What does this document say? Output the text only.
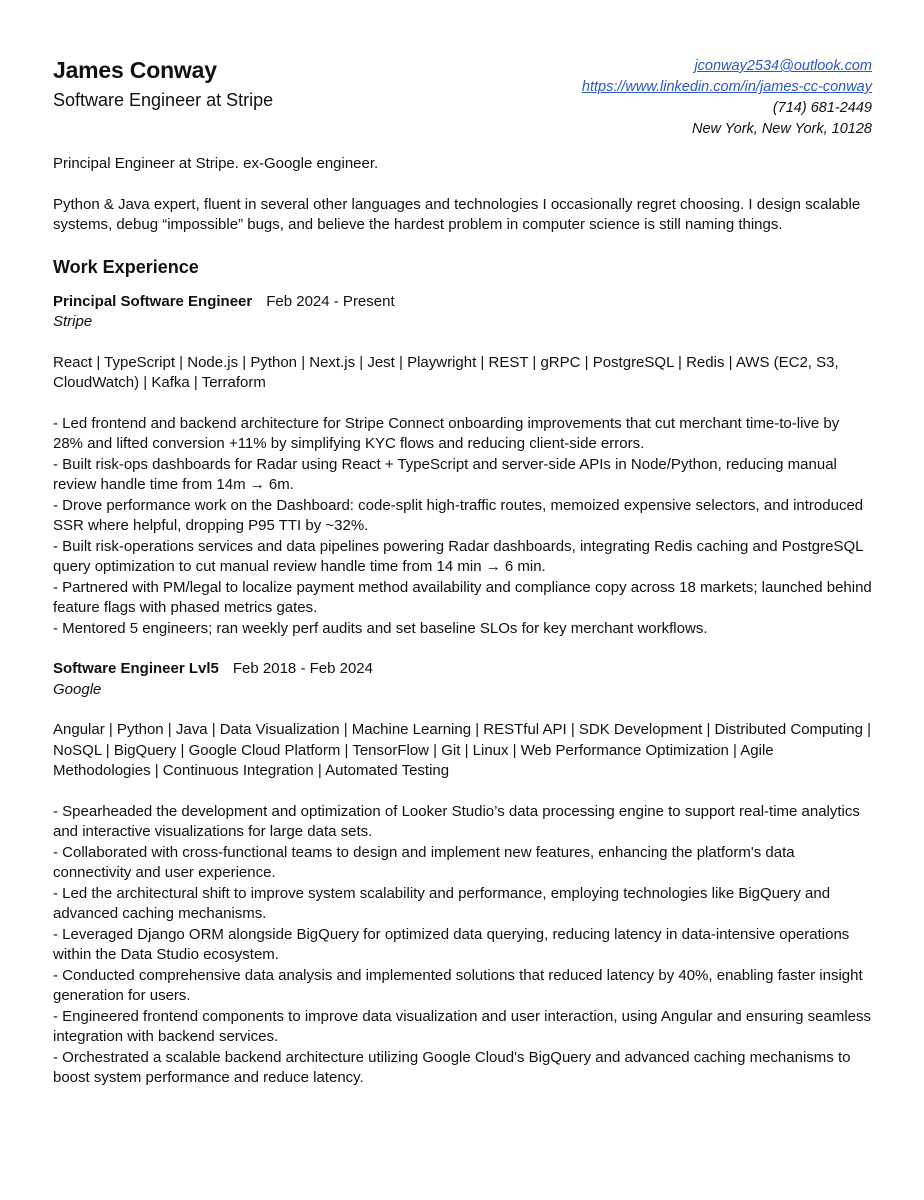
James Conway
Software Engineer at Stripe
jconway2534@outlook.com
https://www.linkedin.com/in/james-cc-conway
(714) 681-2449
New York, New York, 10128

Principal Engineer at Stripe. ex-Google engineer.

Python & Java expert, fluent in several other languages and technologies I occasionally regret choosing. I design scalable systems, debug “impossible” bugs, and believe the hardest problem in computer science is still naming things.

Work Experience
Principal Software Engineer Feb 2024 - Present
Stripe
React | TypeScript | Node.js | Python | Next.js | Jest | Playwright | REST | gRPC | PostgreSQL | Redis | AWS (EC2, S3, CloudWatch) | Kafka | Terraform
- Led frontend and backend architecture for Stripe Connect onboarding improvements that cut merchant time-to-live by 28% and lifted conversion +11% by simplifying KYC flows and reducing client-side errors.
- Built risk-ops dashboards for Radar using React + TypeScript and server-side APIs in Node/Python, reducing manual review handle time from 14m → 6m.
- Drove performance work on the Dashboard: code-split high-traffic routes, memoized expensive selectors, and introduced SSR where helpful, dropping P95 TTI by ~32%.
- Built risk-operations services and data pipelines powering Radar dashboards, integrating Redis caching and PostgreSQL query optimization to cut manual review handle time from 14 min → 6 min.
- Partnered with PM/legal to localize payment method availability and compliance copy across 18 markets; launched behind feature flags with phased metrics gates.
- Mentored 5 engineers; ran weekly perf audits and set baseline SLOs for key merchant workflows.
Software Engineer Lvl5 Feb 2018 - Feb 2024
Google
Angular | Python | Java | Data Visualization | Machine Learning | RESTful API | SDK Development | Distributed Computing | NoSQL | BigQuery | Google Cloud Platform | TensorFlow | Git | Linux | Web Performance Optimization | Agile Methodologies | Continuous Integration | Automated Testing
- Spearheaded the development and optimization of Looker Studio’s data processing engine to support real-time analytics and interactive visualizations for large data sets.
- Collaborated with cross-functional teams to design and implement new features, enhancing the platform's data connectivity and user experience.
- Led the architectural shift to improve system scalability and performance, employing technologies like BigQuery and advanced caching mechanisms.
- Leveraged Django ORM alongside BigQuery for optimized data querying, reducing latency in data-intensive operations within the Data Studio ecosystem.
- Conducted comprehensive data analysis and implemented solutions that reduced latency by 40%, enabling faster insight generation for users.
- Engineered frontend components to improve data visualization and user interaction, using Angular and ensuring seamless integration with backend services.
- Orchestrated a scalable backend architecture utilizing Google Cloud's BigQuery and advanced caching mechanisms to boost system performance and reduce latency.
